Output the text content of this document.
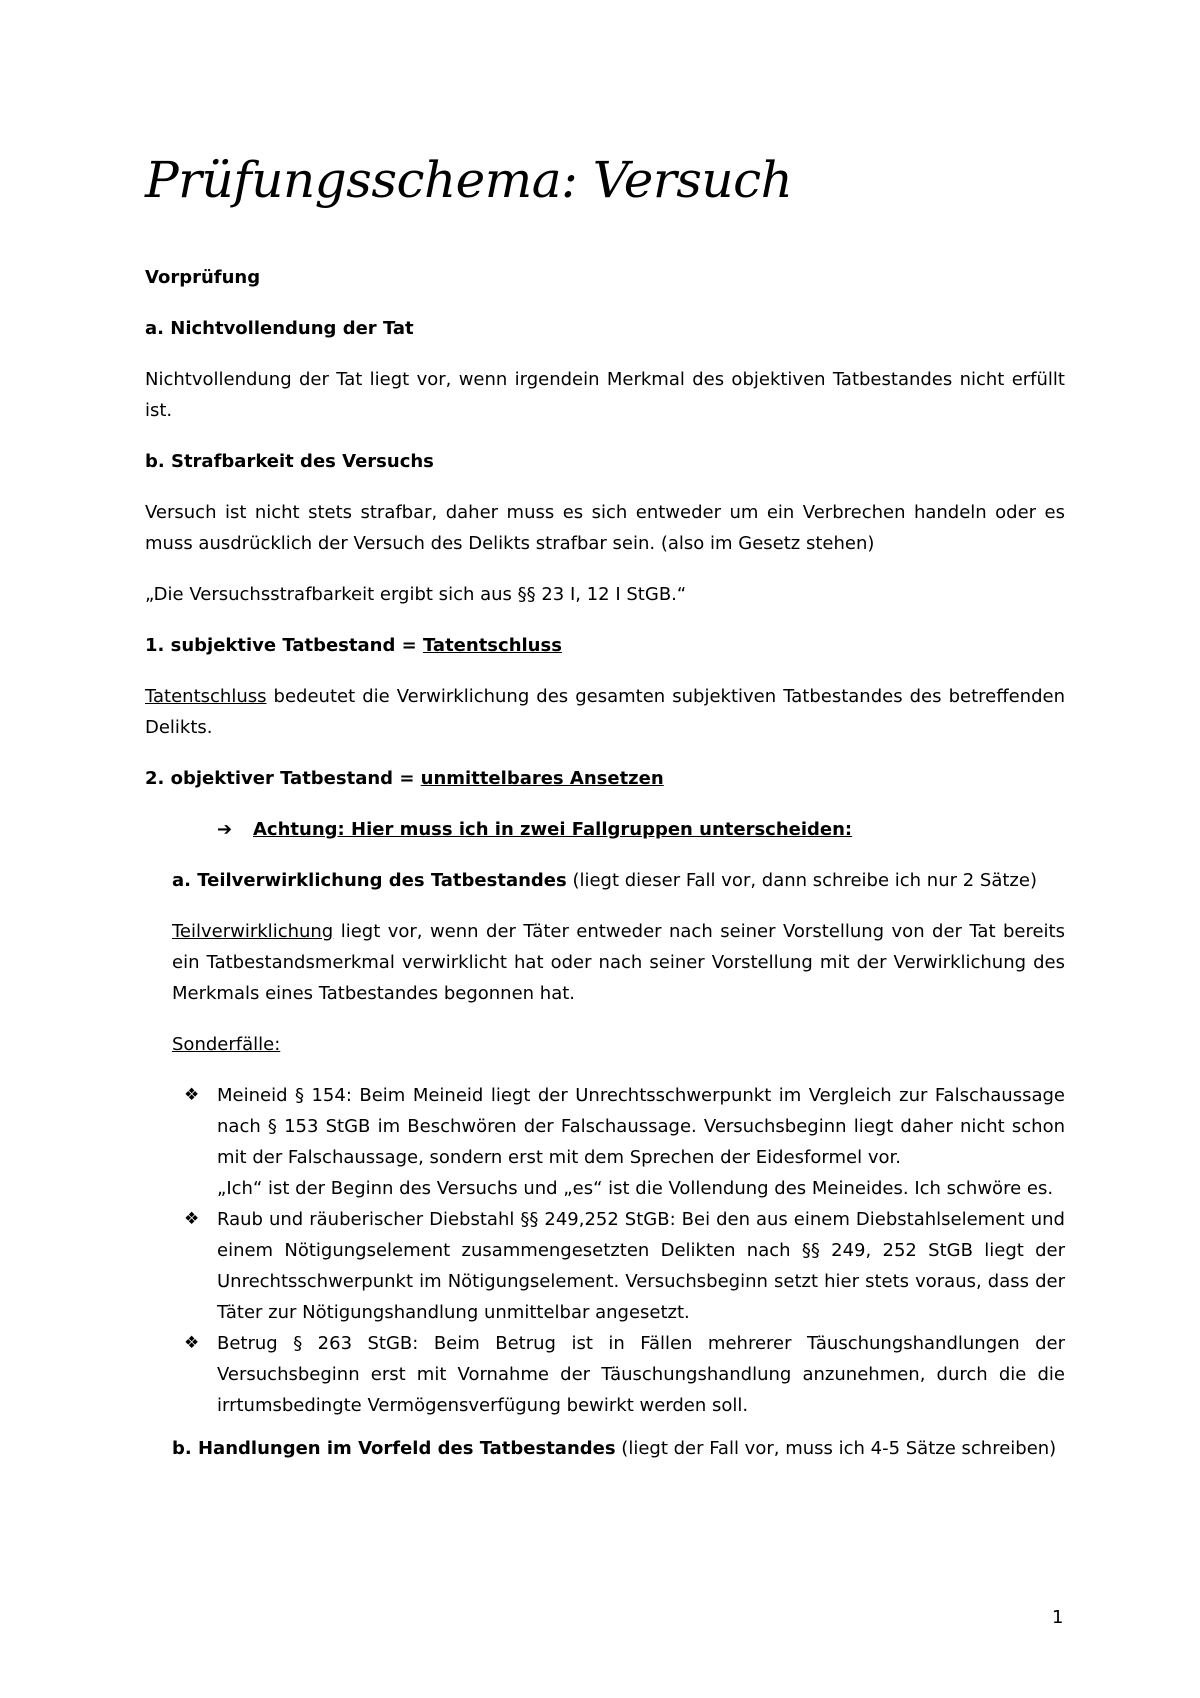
Prüfungsschema: Versuch

Vorprüfung

a. Nichtvollendung der Tat

Nichtvollendung der Tat liegt vor, wenn irgendein Merkmal des objektiven Tatbestandes nicht erfüllt ist.

b. Strafbarkeit des Versuchs

Versuch ist nicht stets strafbar, daher muss es sich entweder um ein Verbrechen handeln oder es muss ausdrücklich der Versuch des Delikts strafbar sein. (also im Gesetz stehen)

„Die Versuchsstrafbarkeit ergibt sich aus §§ 23 I, 12 I StGB.“

1. subjektive Tatbestand = Tatentschluss

Tatentschluss bedeutet die Verwirklichung des gesamten subjektiven Tatbestandes des betreffenden Delikts.

2. objektiver Tatbestand = unmittelbares Ansetzen

➔ Achtung: Hier muss ich in zwei Fallgruppen unterscheiden:

a. Teilverwirklichung des Tatbestandes (liegt dieser Fall vor, dann schreibe ich nur 2 Sätze)

Teilverwirklichung liegt vor, wenn der Täter entweder nach seiner Vorstellung von der Tat bereits ein Tatbestandsmerkmal verwirklicht hat oder nach seiner Vorstellung mit der Verwirklichung des Merkmals eines Tatbestandes begonnen hat.

Sonderfälle:

❖ Meineid § 154: Beim Meineid liegt der Unrechtsschwerpunkt im Vergleich zur Falschaussage nach § 153 StGB im Beschwören der Falschaussage. Versuchsbeginn liegt daher nicht schon mit der Falschaussage, sondern erst mit dem Sprechen der Eidesformel vor.

„Ich“ ist der Beginn des Versuchs und „es“ ist die Vollendung des Meineides. Ich schwöre es.

❖ Raub und räuberischer Diebstahl §§ 249,252 StGB: Bei den aus einem Diebstahlselement und einem Nötigungselement zusammengesetzten Delikten nach §§ 249, 252 StGB liegt der Unrechtsschwerpunkt im Nötigungselement. Versuchsbeginn setzt hier stets voraus, dass der Täter zur Nötigungshandlung unmittelbar angesetzt.

❖ Betrug § 263 StGB: Beim Betrug ist in Fällen mehrerer Täuschungshandlungen der Versuchsbeginn erst mit Vornahme der Täuschungshandlung anzunehmen, durch die die irrtumsbedingte Vermögensverfügung bewirkt werden soll.

b. Handlungen im Vorfeld des Tatbestandes (liegt der Fall vor, muss ich 4-5 Sätze schreiben)

1
